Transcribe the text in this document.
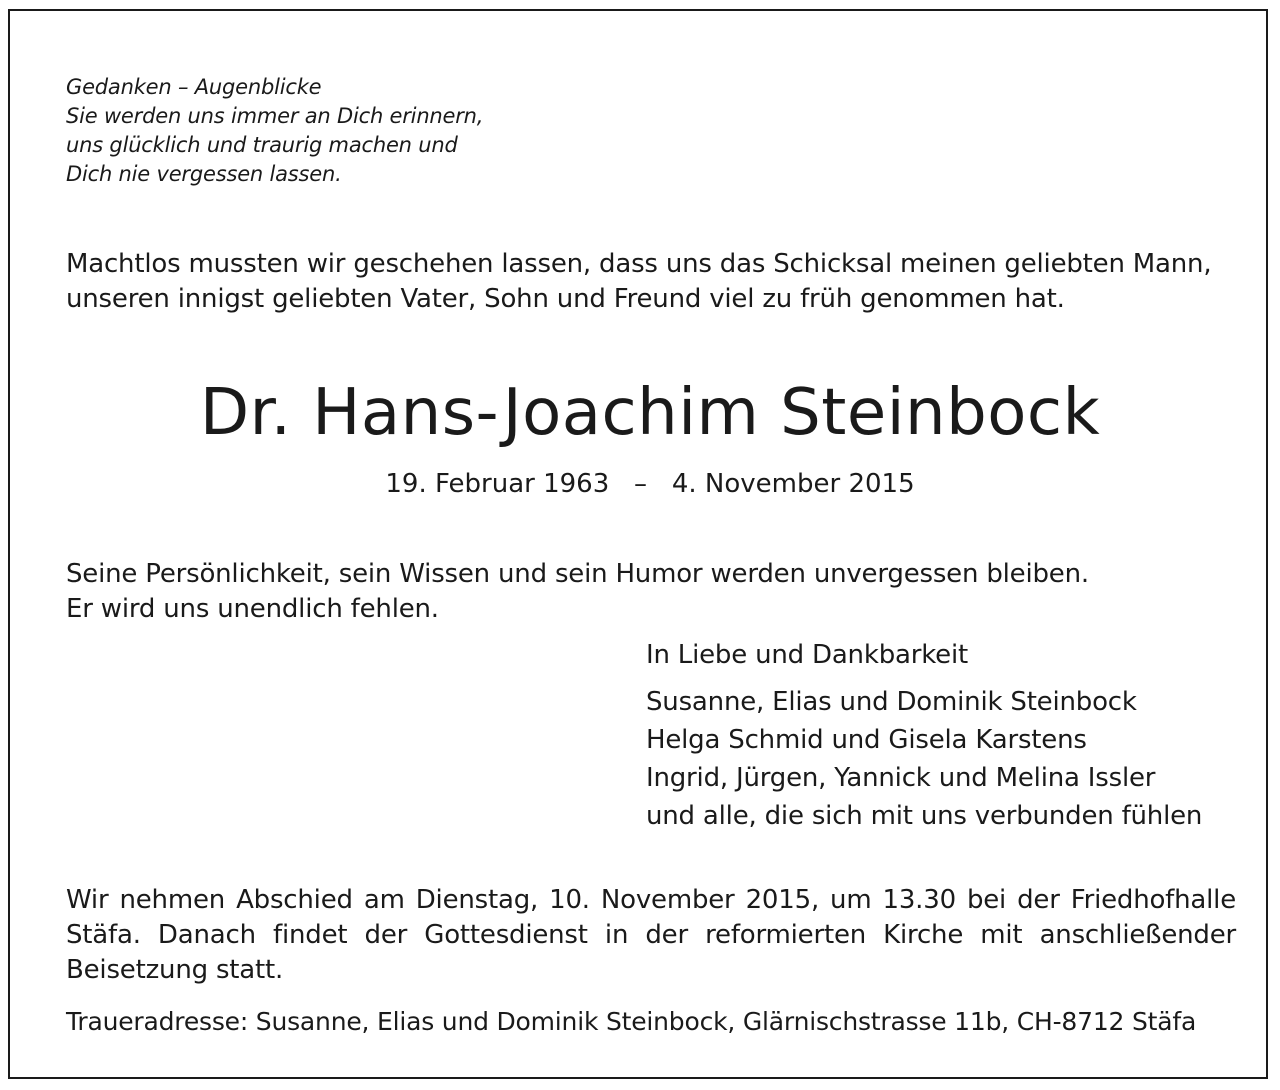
Gedanken – Augenblicke
Sie werden uns immer an Dich erinnern,
uns glücklich und traurig machen und
Dich nie vergessen lassen.
Machtlos mussten wir geschehen lassen, dass uns das Schicksal meinen geliebten Mann,
unseren innigst geliebten Vater, Sohn und Freund viel zu früh genommen hat.
Dr. Hans-Joachim Steinbock
19. Februar 1963   –   4. November 2015
Seine Persönlichkeit, sein Wissen und sein Humor werden unvergessen bleiben.
Er wird uns unendlich fehlen.
In Liebe und Dankbarkeit
Susanne, Elias und Dominik Steinbock
Helga Schmid und Gisela Karstens
Ingrid, Jürgen, Yannick und Melina Issler
und alle, die sich mit uns verbunden fühlen
Wir nehmen Abschied am Dienstag, 10. November 2015, um 13.30 bei der Friedhofhalle
Stäfa. Danach findet der Gottesdienst in der reformierten Kirche mit anschließender
Beisetzung statt.
Traueradresse: Susanne, Elias und Dominik Steinbock, Glärnischstrasse 11b, CH-8712 Stäfa
